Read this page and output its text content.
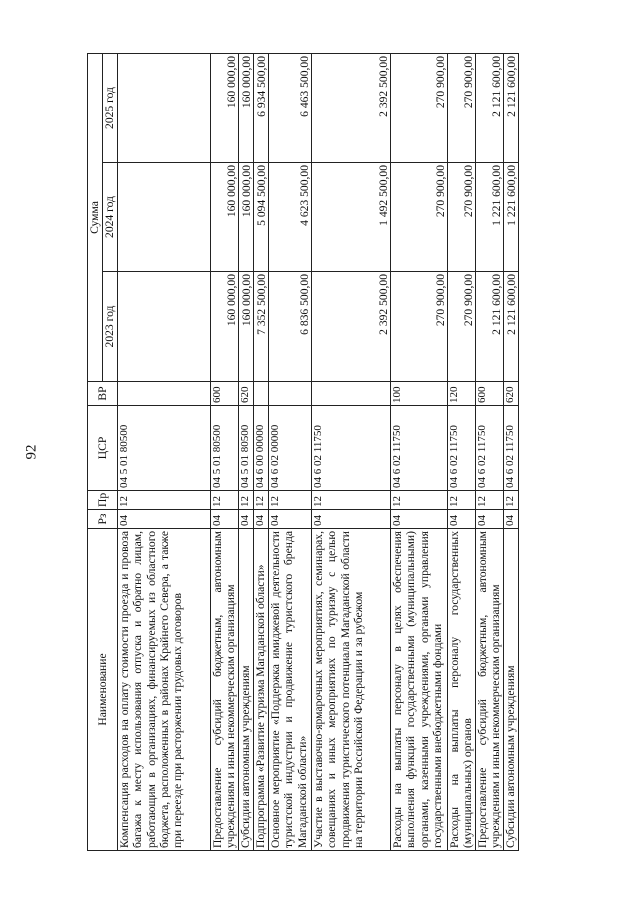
92
Наименование	Рз	Пр	ЦСР	ВР	Сумма		
					2023 год	2024 год	2025 год
Компенсация расходов на оплату стоимости проезда и провоза багажа к месту использования отпуска и обратно лицам, работающим в организациях, финансируемых из областного бюджета, расположенных в районах Крайнего Севера, а также при переезде при расторжении трудовых договоров	04	12	04 5 01 80500				
Предоставление субсидий бюджетным, автономным учреждениям и иным некоммерческим организациям	04	12	04 5 01 80500	600	160 000,00	160 000,00	160 000,00
Субсидии автономным учреждениям	04	12	04 5 01 80500	620	160 000,00	160 000,00	160 000,00
Подпрограмма «Развитие туризма Магаданской области»	04	12	04 6 00 00000		7 352 500,00	5 094 500,00	6 934 500,00
Основное мероприятие «Поддержка имиджевой деятельности туристской индустрии и продвижение туристского бренда Магаданской области»	04	12	04 6 02 00000		6 836 500,00	4 623 500,00	6 463 500,00
Участие в выставочно-ярмарочных мероприятиях, семинарах, совещаниях и иных мероприятиях по туризму с целью продвижения туристического потенциала Магаданской области на территории Российской Федерации и за рубежом	04	12	04 6 02 11750		2 392 500,00	1 492 500,00	2 392 500,00
Расходы на выплаты персоналу в целях обеспечения выполнения функций государственными (муниципальными) органами, казенными учреждениями, органами управления государственными внебюджетными фондами	04	12	04 6 02 11750	100	270 900,00	270 900,00	270 900,00
Расходы на выплаты персоналу государственных (муниципальных) органов	04	12	04 6 02 11750	120	270 900,00	270 900,00	270 900,00
Предоставление субсидий бюджетным, автономным учреждениям и иным некоммерческим организациям	04	12	04 6 02 11750	600	2 121 600,00	1 221 600,00	2 121 600,00
Субсидии автономным учреждениям	04	12	04 6 02 11750	620	2 121 600,00	1 221 600,00	2 121 600,00
